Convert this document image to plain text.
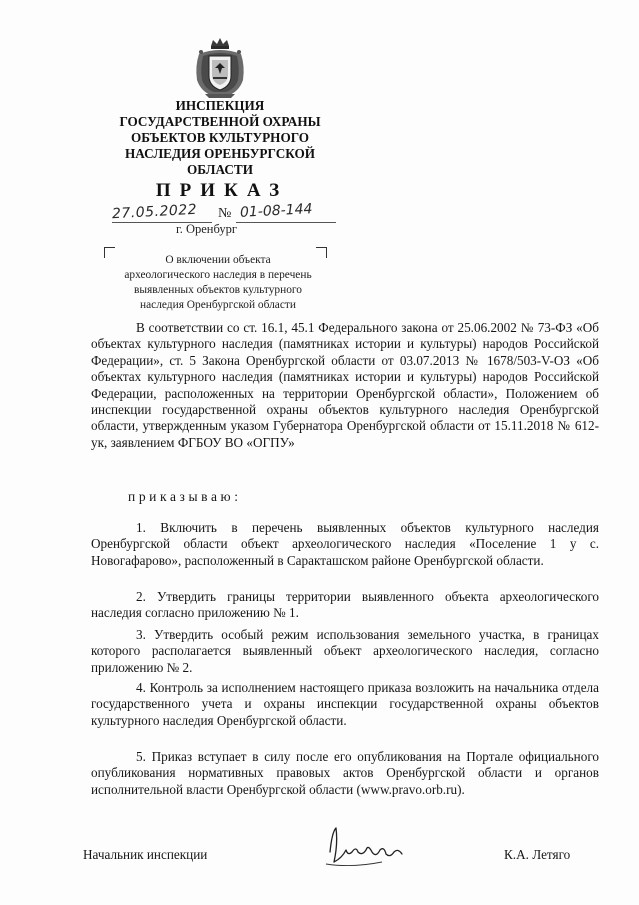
ИНСПЕКЦИЯ
ГОСУДАРСТВЕННОЙ ОХРАНЫ
ОБЪЕКТОВ КУЛЬТУРНОГО
НАСЛЕДИЯ ОРЕНБУРГСКОЙ
ОБЛАСТИ
ПРИКАЗ
27.05.2022 № 01-08-144
г. Оренбург
О включении объекта
археологического наследия в перечень
выявленных объектов культурного
наследия Оренбургской области
В соответствии со ст. 16.1, 45.1 Федерального закона от 25.06.2002 № 73-ФЗ «Об объектах культурного наследия (памятниках истории и культуры) народов Российской Федерации», ст. 5 Закона Оренбургской области от 03.07.2013 № 1678/503-V-ОЗ «Об объектах культурного наследия (памятниках истории и культуры) народов Российской Федерации, расположенных на территории Оренбургской области», Положением об инспекции государственной охраны объектов культурного наследия Оренбургской области, утвержденным указом Губернатора Оренбургской области от 15.11.2018 № 612-ук, заявлением ФГБОУ ВО «ОГПУ»
приказываю:
1. Включить в перечень выявленных объектов культурного наследия Оренбургской области объект археологического наследия «Поселение 1 у с. Новогафарово», расположенный в Саракташском районе Оренбургской области.
2. Утвердить границы территории выявленного объекта археологического наследия согласно приложению № 1.
3. Утвердить особый режим использования земельного участка, в границах которого располагается выявленный объект археологического наследия, согласно приложению № 2.
4. Контроль за исполнением настоящего приказа возложить на начальника отдела государственного учета и охраны инспекции государственной охраны объектов культурного наследия Оренбургской области.
5. Приказ вступает в силу после его опубликования на Портале официального опубликования нормативных правовых актов Оренбургской области и органов исполнительной власти Оренбургской области (www.pravo.orb.ru).
Начальник инспекции	К.А. Летяго
